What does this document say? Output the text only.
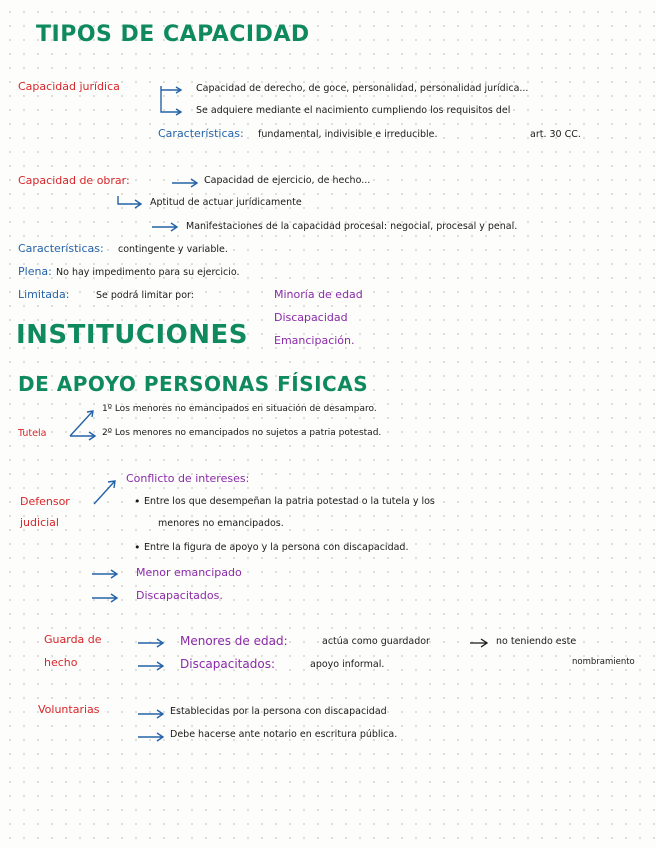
TIPOS DE CAPACIDAD
Capacidad jurídica	Capacidad de derecho, de goce, personalidad, personalidad jurídica...
Se adquiere mediante el nacimiento cumpliendo los requisitos del
Características: fundamental, indivisible e irreducible.	art. 30 CC.
Capacidad de obrar:	Capacidad de ejercicio, de hecho...
Aptitud de actuar jurídicamente
Manifestaciones de la capacidad procesal: negocial, procesal y penal.
Características: contingente y variable.
Plena: No hay impedimento para su ejercicio.
Limitada:	Se podrá limitar por:	Minoría de edad
Discapacidad
Emancipación.
INSTITUCIONES
DE APOYO PERSONAS FÍSICAS
Tutela
1º Los menores no emancipados en situación de desamparo.
2º Los menores no emancipados no sujetos a patria potestad.
Defensor
judicial
Conflicto de intereses:
• Entre los que desempeñan la patria potestad o la tutela y los
menores no emancipados.
• Entre la figura de apoyo y la persona con discapacidad.
Menor emancipado
Discapacitados.
Guarda de
hecho
Menores de edad:	actúa como guardador	no teniendo este
Discapacitados:	apoyo informal.	nombramiento
Voluntarias	Establecidas por la persona con discapacidad
Debe hacerse ante notario en escritura pública.
